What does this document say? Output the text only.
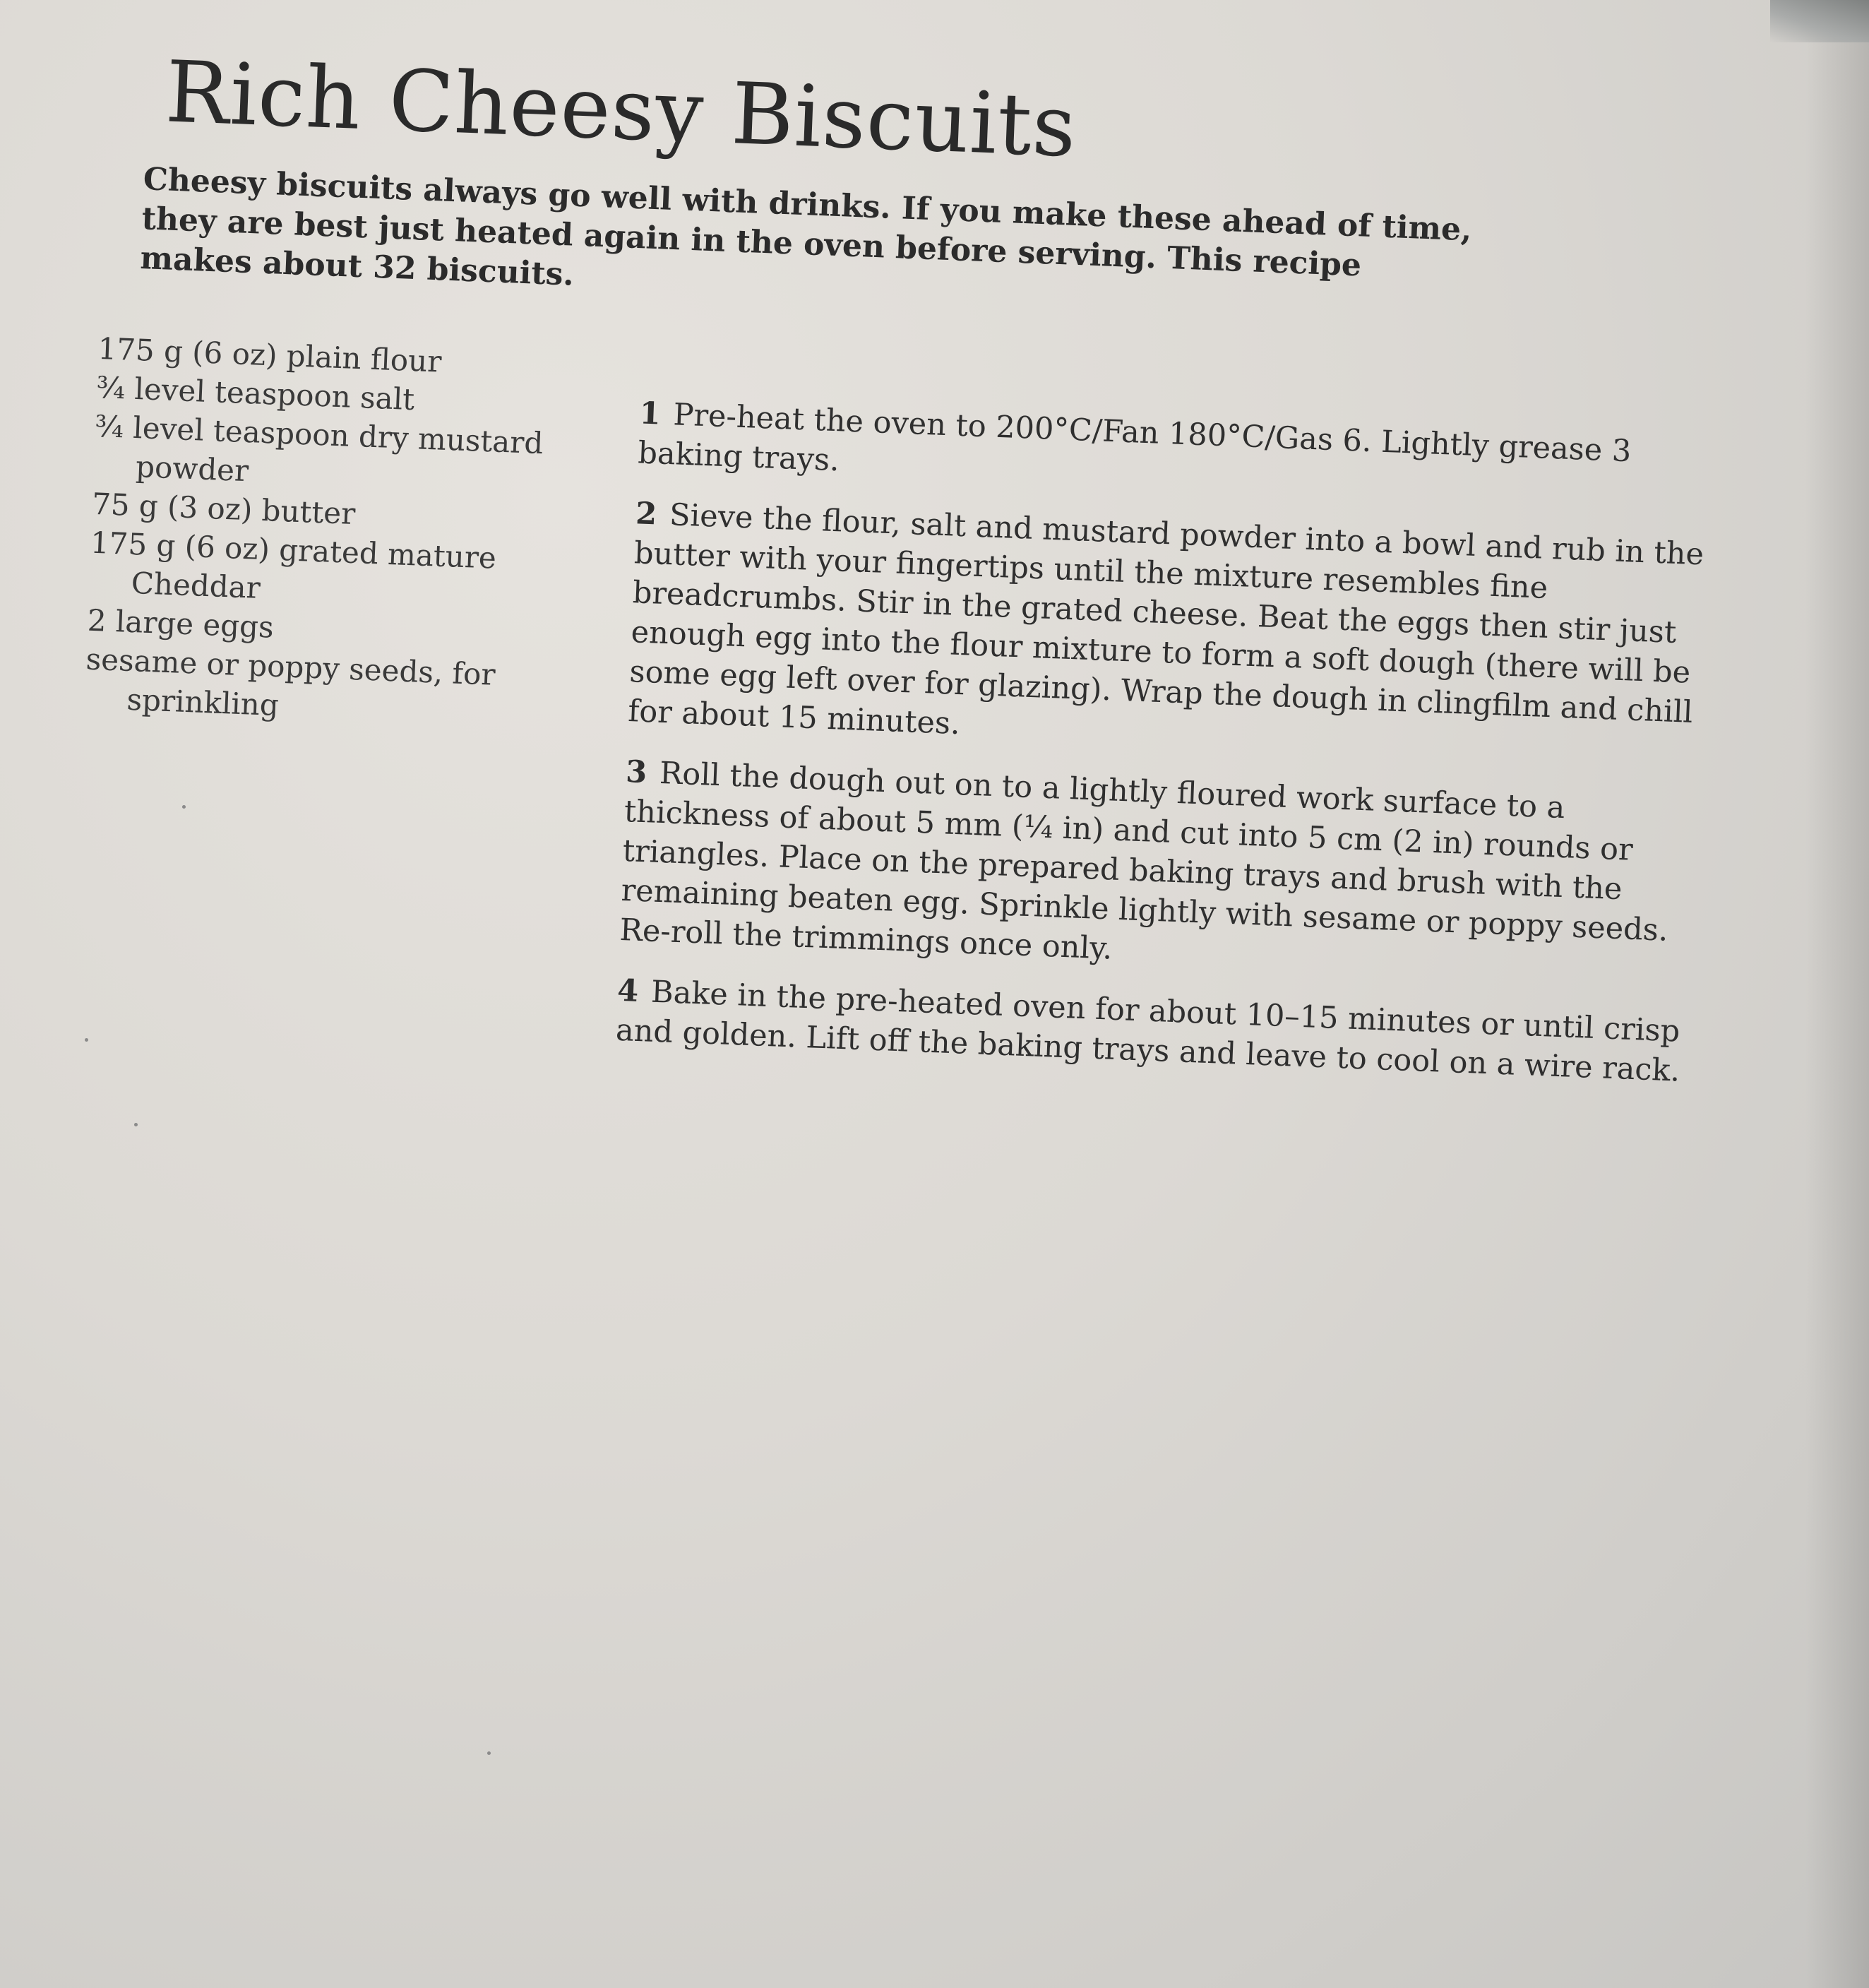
Rich Cheesy Biscuits

Cheesy biscuits always go well with drinks. If you make these ahead of time, they are best just heated again in the oven before serving. This recipe makes about 32 biscuits.

175 g (6 oz) plain flour
¾ level teaspoon salt
¾ level teaspoon dry mustard powder
75 g (3 oz) butter
175 g (6 oz) grated mature Cheddar
2 large eggs
sesame or poppy seeds, for sprinkling
1 Pre-heat the oven to 200°C/Fan 180°C/Gas 6. Lightly grease 3 baking trays.
2 Sieve the flour, salt and mustard powder into a bowl and rub in the butter with your fingertips until the mixture resembles fine breadcrumbs. Stir in the grated cheese. Beat the eggs then stir just enough egg into the flour mixture to form a soft dough (there will be some egg left over for glazing). Wrap the dough in clingfilm and chill for about 15 minutes.
3 Roll the dough out on to a lightly floured work surface to a thickness of about 5 mm (¼ in) and cut into 5 cm (2 in) rounds or triangles. Place on the prepared baking trays and brush with the remaining beaten egg. Sprinkle lightly with sesame or poppy seeds. Re-roll the trimmings once only.
4 Bake in the pre-heated oven for about 10–15 minutes or until crisp and golden. Lift off the baking trays and leave to cool on a wire rack.
